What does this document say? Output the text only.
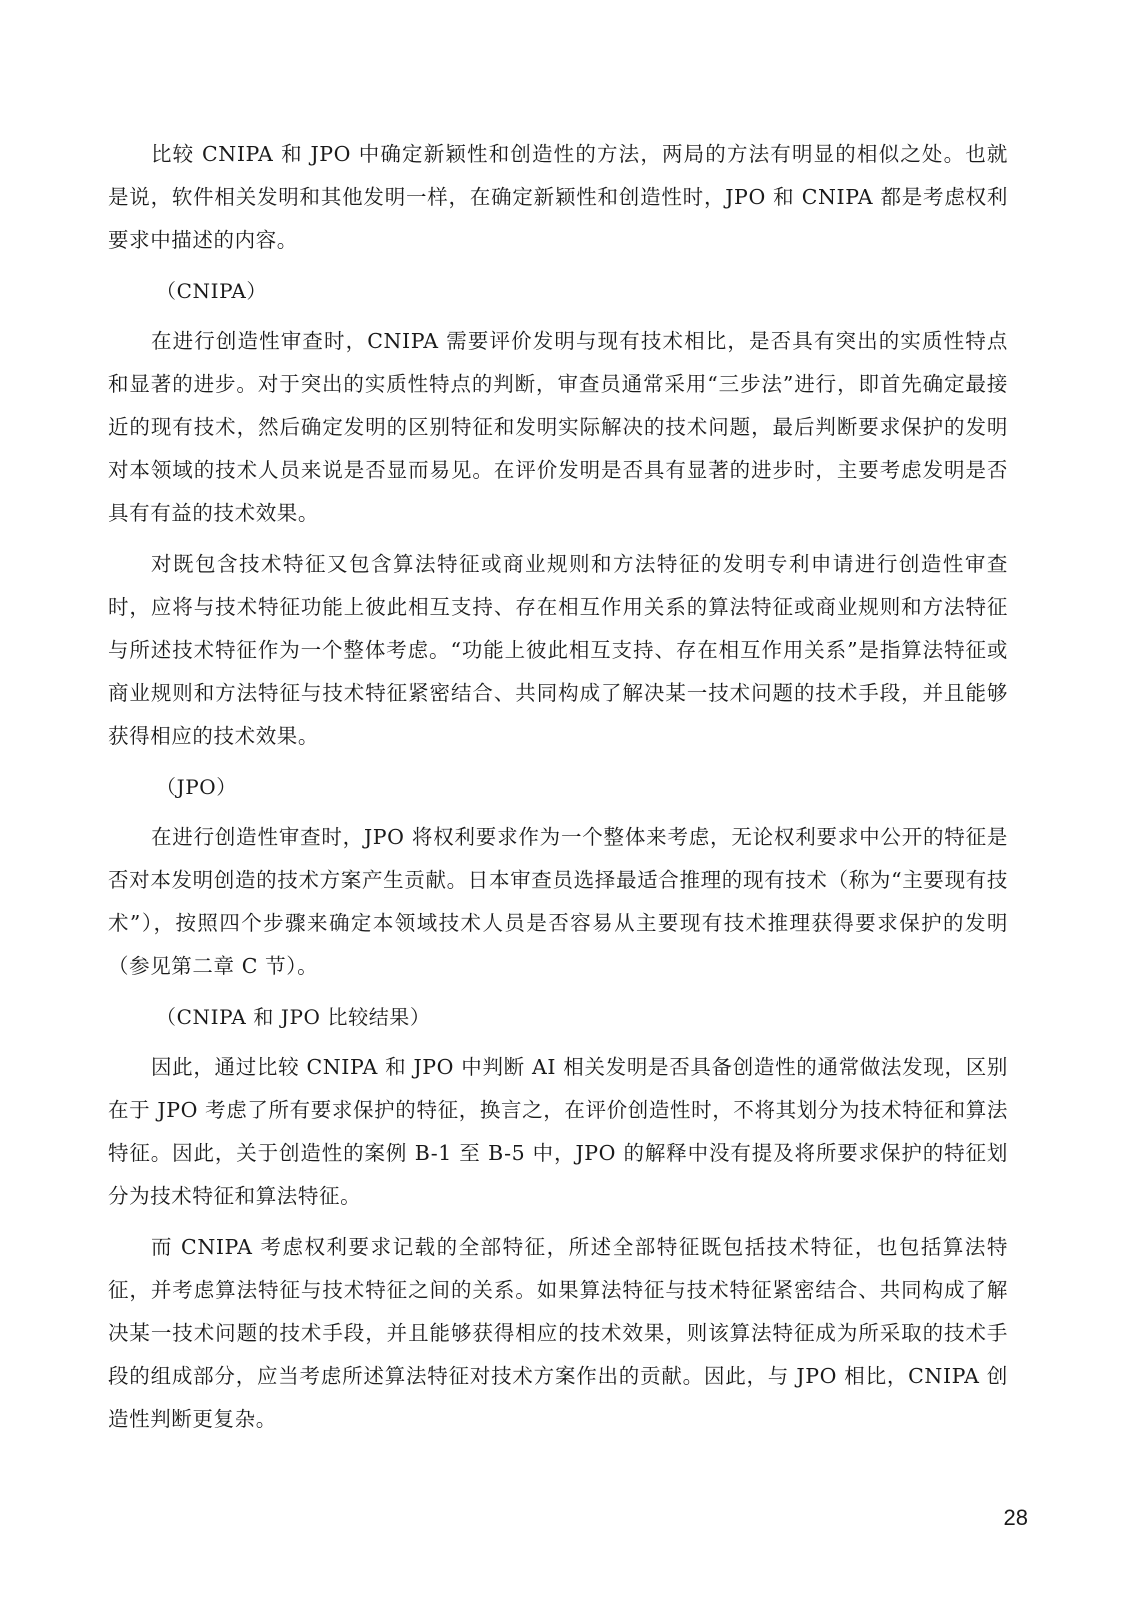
比较 CNIPA 和 JPO 中确定新颖性和创造性的方法，两局的方法有明显的相似之处。也就是说，软件相关发明和其他发明一样，在确定新颖性和创造性时，JPO 和 CNIPA 都是考虑权利要求中描述的内容。

（CNIPA）

在进行创造性审查时，CNIPA 需要评价发明与现有技术相比，是否具有突出的实质性特点和显著的进步。对于突出的实质性特点的判断，审查员通常采用“三步法”进行，即首先确定最接近的现有技术，然后确定发明的区别特征和发明实际解决的技术问题，最后判断要求保护的发明对本领域的技术人员来说是否显而易见。在评价发明是否具有显著的进步时，主要考虑发明是否具有有益的技术效果。

对既包含技术特征又包含算法特征或商业规则和方法特征的发明专利申请进行创造性审查时，应将与技术特征功能上彼此相互支持、存在相互作用关系的算法特征或商业规则和方法特征与所述技术特征作为一个整体考虑。“功能上彼此相互支持、存在相互作用关系”是指算法特征或商业规则和方法特征与技术特征紧密结合、共同构成了解决某一技术问题的技术手段，并且能够获得相应的技术效果。

（JPO）

在进行创造性审查时，JPO 将权利要求作为一个整体来考虑，无论权利要求中公开的特征是否对本发明创造的技术方案产生贡献。日本审查员选择最适合推理的现有技术（称为“主要现有技术”），按照四个步骤来确定本领域技术人员是否容易从主要现有技术推理获得要求保护的发明（参见第二章 C 节）。

（CNIPA 和 JPO 比较结果）

因此，通过比较 CNIPA 和 JPO 中判断 AI 相关发明是否具备创造性的通常做法发现，区别在于 JPO 考虑了所有要求保护的特征，换言之，在评价创造性时，不将其划分为技术特征和算法特征。因此，关于创造性的案例 B-1 至 B-5 中，JPO 的解释中没有提及将所要求保护的特征划分为技术特征和算法特征。

而 CNIPA 考虑权利要求记载的全部特征，所述全部特征既包括技术特征，也包括算法特征，并考虑算法特征与技术特征之间的关系。如果算法特征与技术特征紧密结合、共同构成了解决某一技术问题的技术手段，并且能够获得相应的技术效果，则该算法特征成为所采取的技术手段的组成部分，应当考虑所述算法特征对技术方案作出的贡献。因此，与 JPO 相比，CNIPA 创造性判断更复杂。

28
